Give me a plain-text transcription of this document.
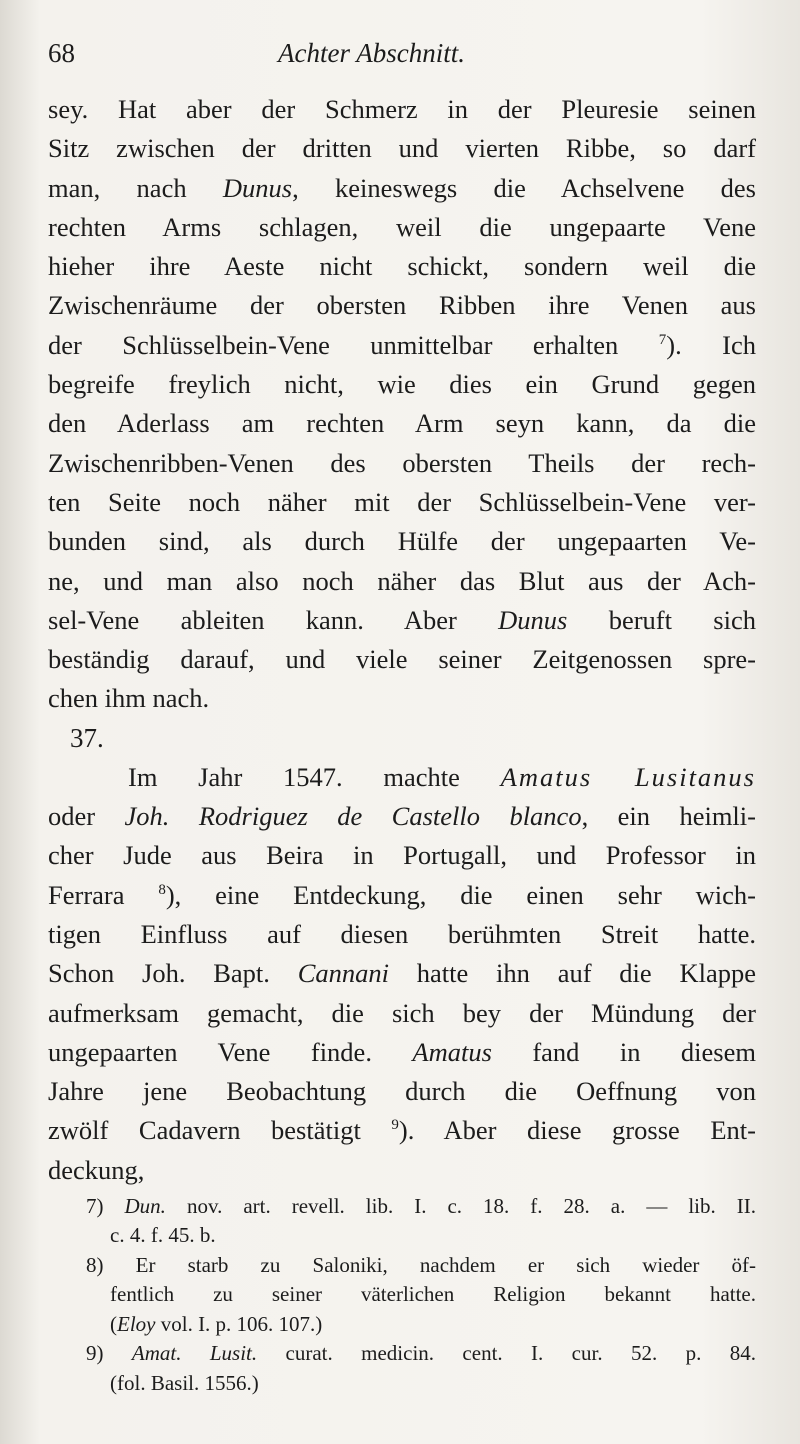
68	Achter Abschnitt.
sey. Hat aber der Schmerz in der Pleuresie seinen
Sitz zwischen der dritten und vierten Ribbe, so darf
man, nach Dunus, keineswegs die Achselvene des
rechten Arms schlagen, weil die ungepaarte Vene
hieher ihre Aeste nicht schickt, sondern weil die
Zwischenräume der obersten Ribben ihre Venen aus
der Schlüsselbein-Vene unmittelbar erhalten $^7$). Ich
begreife freylich nicht, wie dies ein Grund gegen
den Aderlass am rechten Arm seyn kann, da die
Zwischenribben-Venen des obersten Theils der rech-
ten Seite noch näher mit der Schlüsselbein-Vene ver-
bunden sind, als durch Hülfe der ungepaarten Ve-
ne, und man also noch näher das Blut aus der Ach-
sel-Vene ableiten kann. Aber Dunus beruft sich
beständig darauf, und viele seiner Zeitgenossen spre-
chen ihm nach.
37.
Im Jahr 1547. machte Amatus Lusitanus
oder Joh. Rodriguez de Castello blanco, ein heimli-
cher Jude aus Beira in Portugall, und Professor in
Ferrara $^8$), eine Entdeckung, die einen sehr wich-
tigen Einfluss auf diesen berühmten Streit hatte.
Schon Joh. Bapt. Cannani hatte ihn auf die Klappe
aufmerksam gemacht, die sich bey der Mündung der
ungepaarten Vene finde. Amatus fand in diesem
Jahre jene Beobachtung durch die Oeffnung von
zwölf Cadavern bestätigt $^9$). Aber diese grosse Ent-
deckung,
7) Dun. nov. art. revell. lib. I. c. 18. f. 28. a. — lib. II.
c. 4. f. 45. b.
8) Er starb zu Saloniki, nachdem er sich wieder öf-
fentlich zu seiner väterlichen Religion bekannt hatte.
(Eloy vol. I. p. 106. 107.)
9) Amat. Lusit. curat. medicin. cent. I. cur. 52. p. 84.
(fol. Basil. 1556.)
